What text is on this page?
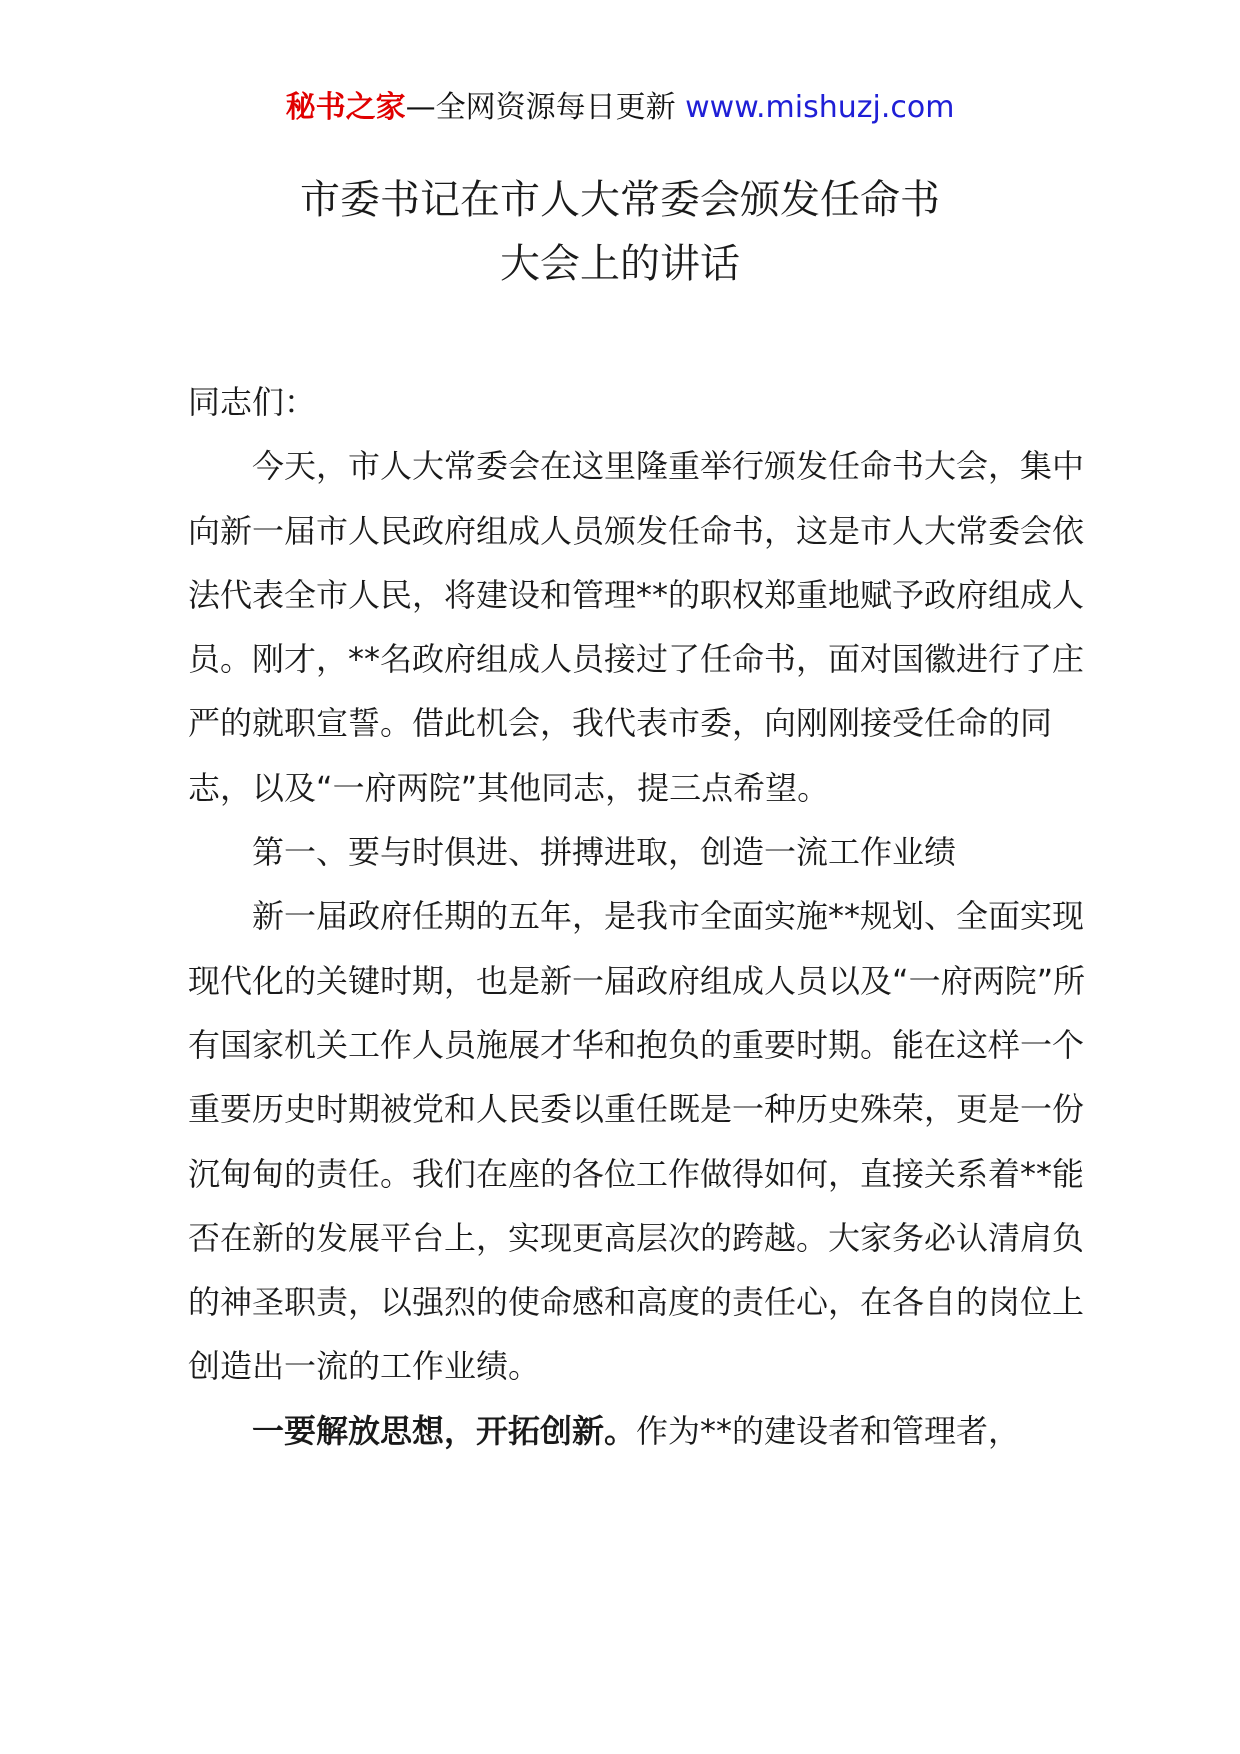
秘书之家—全网资源每日更新 www.mishuzj.com
市委书记在市人大常委会颁发任命书
大会上的讲话

同志们：

今天，市人大常委会在这里隆重举行颁发任命书大会，集中向新一届市人民政府组成人员颁发任命书，这是市人大常委会依法代表全市人民，将建设和管理**的职权郑重地赋予政府组成人员。刚才，**名政府组成人员接过了任命书，面对国徽进行了庄严的就职宣誓。借此机会，我代表市委，向刚刚接受任命的同志，以及“一府两院”其他同志，提三点希望。

第一、要与时俱进、拼搏进取，创造一流工作业绩

新一届政府任期的五年，是我市全面实施**规划、全面实现现代化的关键时期，也是新一届政府组成人员以及“一府两院”所有国家机关工作人员施展才华和抱负的重要时期。能在这样一个重要历史时期被党和人民委以重任既是一种历史殊荣，更是一份沉甸甸的责任。我们在座的各位工作做得如何，直接关系着**能否在新的发展平台上，实现更高层次的跨越。大家务必认清肩负的神圣职责，以强烈的使命感和高度的责任心，在各自的岗位上创造出一流的工作业绩。

一要解放思想，开拓创新。作为**的建设者和管理者，
